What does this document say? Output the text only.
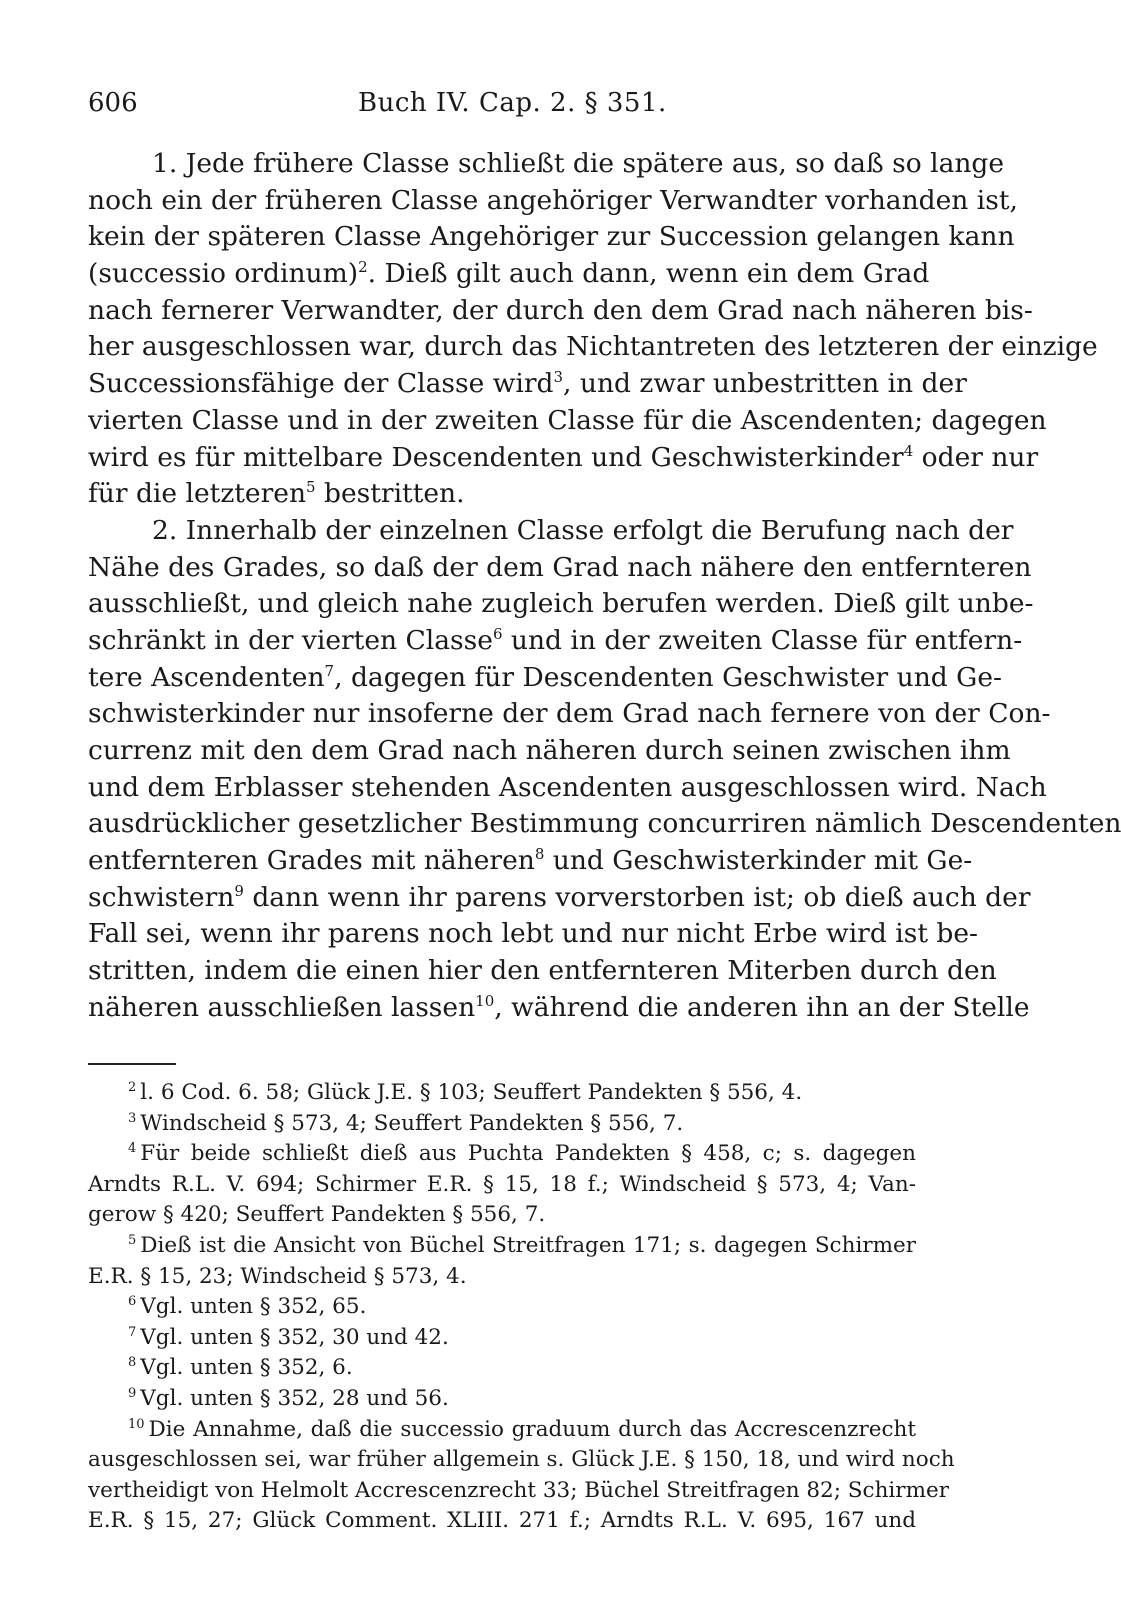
606	Buch IV. Cap. 2. § 351.
1. Jede frühere Classe schließt die spätere aus, so daß so lange
noch ein der früheren Classe angehöriger Verwandter vorhanden ist,
kein der späteren Classe Angehöriger zur Succession gelangen kann
(successio ordinum)$^2$. Dieß gilt auch dann, wenn ein dem Grad
nach fernerer Verwandter, der durch den dem Grad nach näheren bis-
her ausgeschlossen war, durch das Nichtantreten des letzteren der einzige
Successionsfähige der Classe wird$^3$, und zwar unbestritten in der
vierten Classe und in der zweiten Classe für die Ascendenten; dagegen
wird es für mittelbare Descendenten und Geschwisterkinder$^4$ oder nur
für die letzteren$^5$ bestritten.
2. Innerhalb der einzelnen Classe erfolgt die Berufung nach der
Nähe des Grades, so daß der dem Grad nach nähere den entfernteren
ausschließt, und gleich nahe zugleich berufen werden. Dieß gilt unbe-
schränkt in der vierten Classe$^6$ und in der zweiten Classe für entfern-
tere Ascendenten$^7$, dagegen für Descendenten Geschwister und Ge-
schwisterkinder nur insoferne der dem Grad nach fernere von der Con-
currenz mit den dem Grad nach näheren durch seinen zwischen ihm
und dem Erblasser stehenden Ascendenten ausgeschlossen wird. Nach
ausdrücklicher gesetzlicher Bestimmung concurriren nämlich Descendenten
entfernteren Grades mit näheren$^8$ und Geschwisterkinder mit Ge-
schwistern$^9$ dann wenn ihr parens vorverstorben ist; ob dieß auch der
Fall sei, wenn ihr parens noch lebt und nur nicht Erbe wird ist be-
stritten, indem die einen hier den entfernteren Miterben durch den
näheren ausschließen lassen$^{10}$, während die anderen ihn an der Stelle
$^2$ l. 6 Cod. 6. 58; Glück J.E. § 103; Seuffert Pandekten § 556, 4.
$^3$ Windscheid § 573, 4; Seuffert Pandekten § 556, 7.
$^4$ Für beide schließt dieß aus Puchta Pandekten § 458, c; s. dagegen
Arndts R.L. V. 694; Schirmer E.R. § 15, 18 f.; Windscheid § 573, 4; Van-
gerow § 420; Seuffert Pandekten § 556, 7.
$^5$ Dieß ist die Ansicht von Büchel Streitfragen 171; s. dagegen Schirmer
E.R. § 15, 23; Windscheid § 573, 4.
$^6$ Vgl. unten § 352, 65.
$^7$ Vgl. unten § 352, 30 und 42.
$^8$ Vgl. unten § 352, 6.
$^9$ Vgl. unten § 352, 28 und 56.
$^{10}$ Die Annahme, daß die successio graduum durch das Accrescenzrecht
ausgeschlossen sei, war früher allgemein s. Glück J.E. § 150, 18, und wird noch
vertheidigt von Helmolt Accrescenzrecht 33; Büchel Streitfragen 82; Schirmer
E.R. § 15, 27; Glück Comment. XLIII. 271 f.; Arndts R.L. V. 695, 167 und
